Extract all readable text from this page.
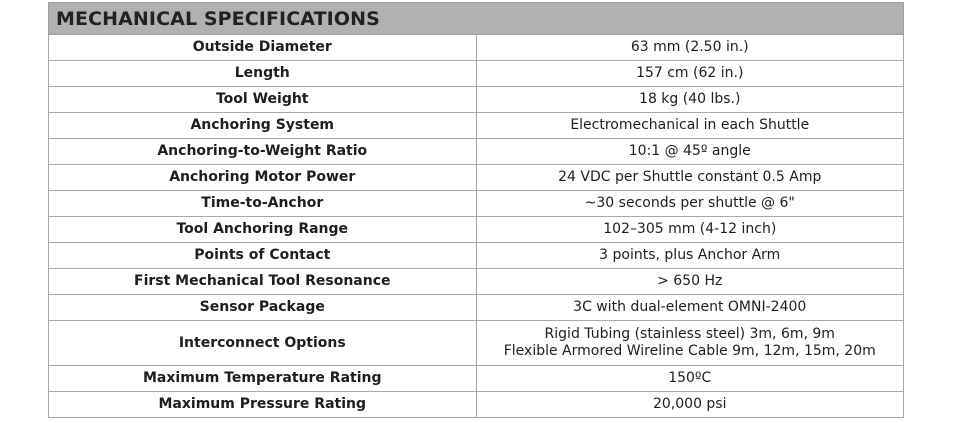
MECHANICAL SPECIFICATIONS	
Outside Diameter	63 mm (2.50 in.)
Length	157 cm (62 in.)
Tool Weight	18 kg (40 lbs.)
Anchoring System	Electromechanical in each Shuttle
Anchoring-to-Weight Ratio	10:1 @ 45º angle
Anchoring Motor Power	24 VDC per Shuttle constant 0.5 Amp
Time-to-Anchor	~30 seconds per shuttle @ 6"
Tool Anchoring Range	102–305 mm (4-12 inch)
Points of Contact	3 points, plus Anchor Arm
First Mechanical Tool Resonance	> 650 Hz
Sensor Package	3C with dual-element OMNI-2400
Interconnect Options	Rigid Tubing (stainless steel) 3m, 6m, 9m
Flexible Armored Wireline Cable 9m, 12m, 15m, 20m

Maximum Temperature Rating	150ºC
Maximum Pressure Rating	20,000 psi
